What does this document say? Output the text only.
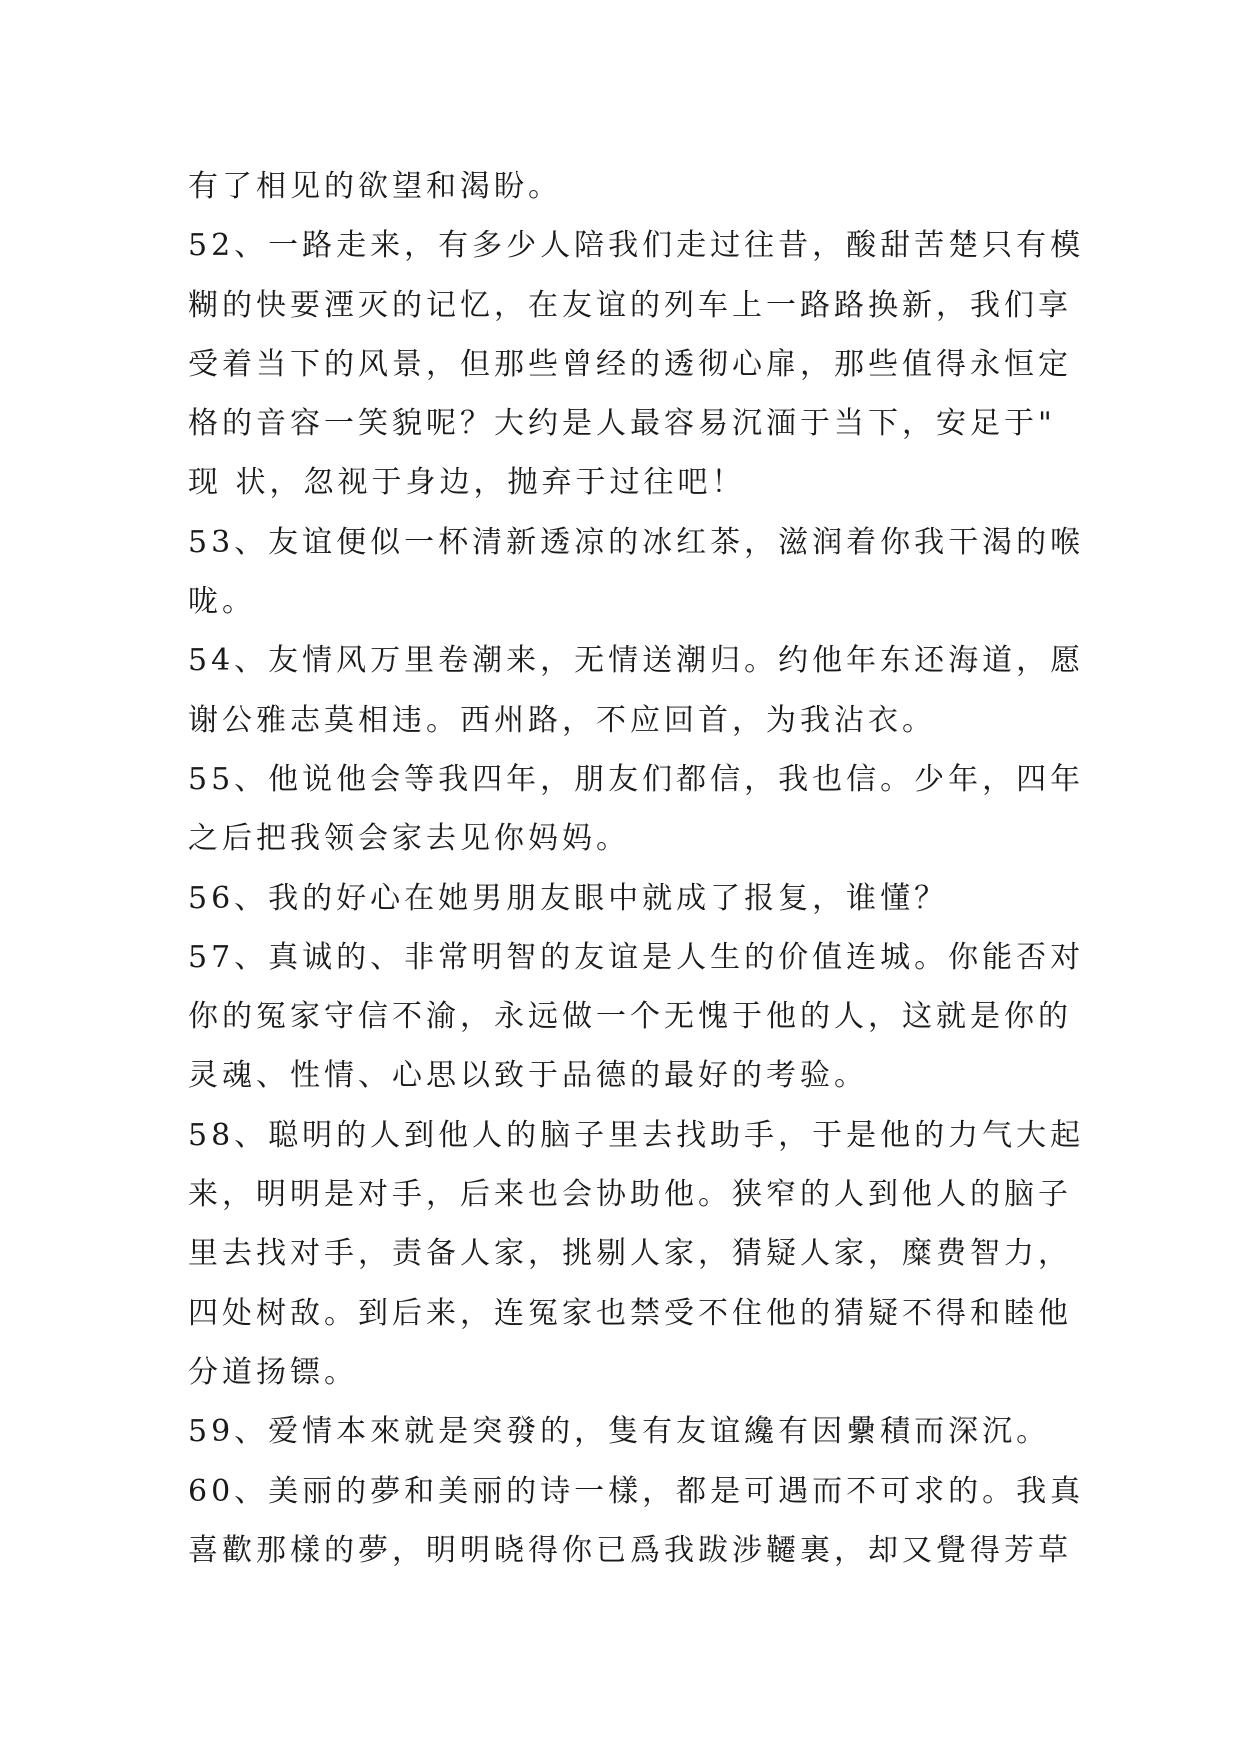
有了相见的欲望和渴盼。
52、一路走来，有多少人陪我们走过往昔，酸甜苦楚只有模
糊的快要湮灭的记忆，在友谊的列车上一路路换新，我们享
受着当下的风景，但那些曾经的透彻心扉，那些值得永恒定
格的音容一笑貌呢？大约是人最容易沉湎于当下，安足于"
现 状，忽视于身边，抛弃于过往吧！
53、友谊便似一杯清新透凉的冰红茶，滋润着你我干渴的喉
咙。
54、友情风万里卷潮来，无情送潮归。约他年东还海道，愿
谢公雅志莫相违。西州路，不应回首，为我沾衣。
55、他说他会等我四年，朋友们都信，我也信。少年，四年
之后把我领会家去见你妈妈。
56、我的好心在她男朋友眼中就成了报复，谁懂？
57、真诚的、非常明智的友谊是人生的价值连城。你能否对
你的冤家守信不渝，永远做一个无愧于他的人，这就是你的
灵魂、性情、心思以致于品德的最好的考验。
58、聪明的人到他人的脑子里去找助手，于是他的力气大起
来，明明是对手，后来也会协助他。狭窄的人到他人的脑子
里去找对手，责备人家，挑剔人家，猜疑人家，糜费智力，
四处树敌。到后来，连冤家也禁受不住他的猜疑不得和睦他
分道扬镖。
59、爱情本來就是突發的，隻有友谊纔有因纍積而深沉。
60、美丽的夢和美丽的诗一樣，都是可遇而不可求的。我真
喜歡那樣的夢，明明晓得你已爲我跋涉韆裏，却又覺得芳草
